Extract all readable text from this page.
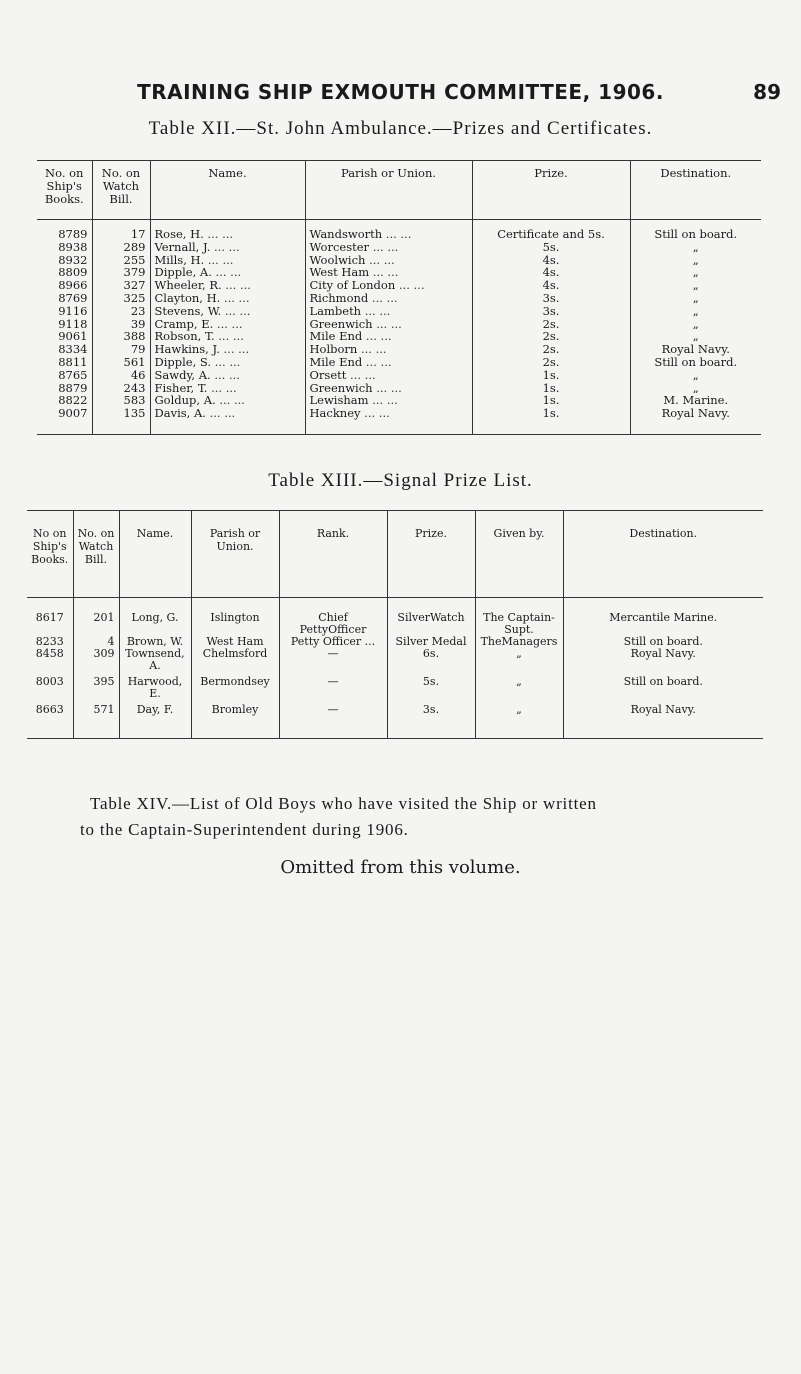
TRAINING SHIP EXMOUTH COMMITTEE, 1906.	89
Table XII.—St. John Ambulance.—Prizes and Certificates.
No. on Ship's Books.	No. on Watch Bill.	Name.	Parish or Union.	Prize.	Destination.
8789	17	Rose, H. ... ...	Wandsworth ... ...	Certificate and 5s.	Still on board.
8938	289	Vernall, J. ... ...	Worcester ... ...	5s.	„
8932	255	Mills, H. ... ...	Woolwich ... ...	4s.	„
8809	379	Dipple, A. ... ...	West Ham ... ...	4s.	„
8966	327	Wheeler, R. ... ...	City of London ... ...	4s.	„
8769	325	Clayton, H. ... ...	Richmond ... ...	3s.	„
9116	23	Stevens, W. ... ...	Lambeth ... ...	3s.	„
9118	39	Cramp, E. ... ...	Greenwich ... ...	2s.	„
9061	388	Robson, T. ... ...	Mile End ... ...	2s.	„
8334	79	Hawkins, J. ... ...	Holborn ... ...	2s.	Royal Navy.
8811	561	Dipple, S. ... ...	Mile End ... ...	2s.	Still on board.
8765	46	Sawdy, A. ... ...	Orsett ... ...	1s.	„
8879	243	Fisher, T. ... ...	Greenwich ... ...	1s.	„
8822	583	Goldup, A. ... ...	Lewisham ... ...	1s.	M. Marine.
9007	135	Davis, A. ... ...	Hackney ... ...	1s.	Royal Navy.
Table XIII.—Signal Prize List.
No on Ship's Books.	No. on Watch Bill.	Name.	Parish or Union.	Rank.	Prize.	Given by.	Destination.
8617	201	Long, G.	Islington	Chief PettyOfficer	SilverWatch	The Captain-Supt.	Mercantile Marine.
8233	4	Brown, W.	West Ham	Petty Officer ...	Silver Medal	TheManagers	Still on board.
8458	309	Townsend, A.	Chelmsford	—	6s.	„	Royal Navy.
8003	395	Harwood, E.	Bermondsey	—	5s.	„	Still on board.
8663	571	Day, F.	Bromley	—	3s.	„	Royal Navy.
Table XIV.—List of Old Boys who have visited the Ship or written
to the Captain-Superintendent during 1906.
Omitted from this volume.
